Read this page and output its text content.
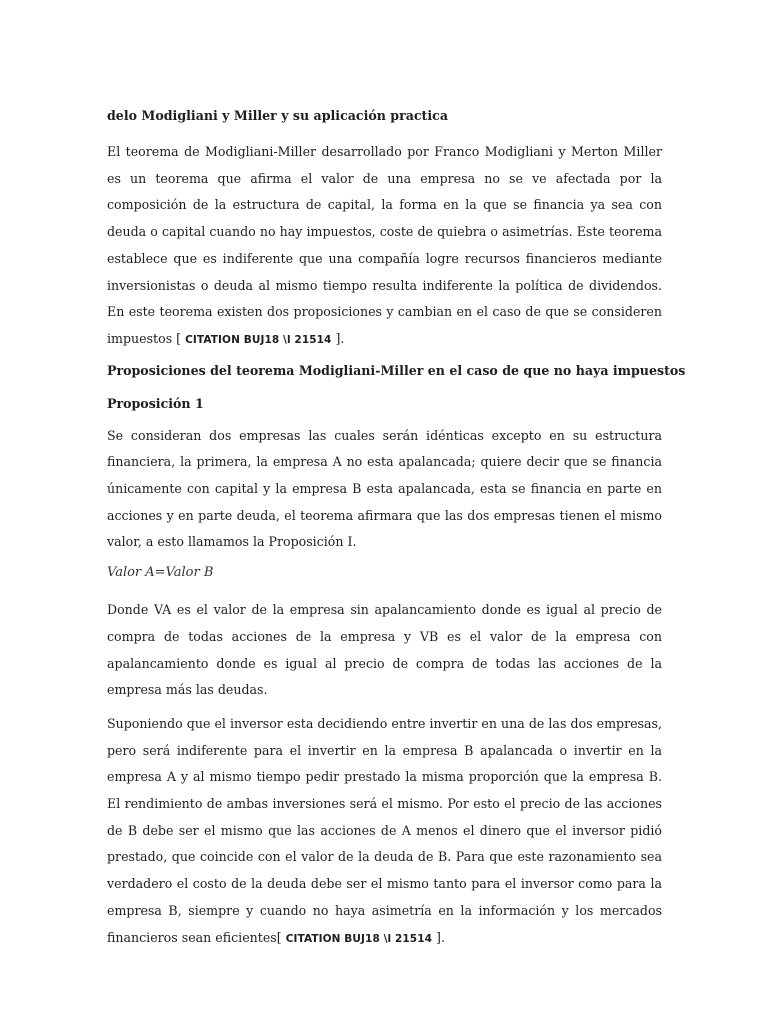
delo Modigliani y Miller y su aplicación practica

El teorema de Modigliani-Miller desarrollado por Franco Modigliani y Merton Miller es un teorema que afirma el valor de una empresa no se ve afectada por la composición de la estructura de capital, la forma en la que se financia ya sea con deuda o capital cuando no hay impuestos, coste de quiebra o asimetrías. Este teorema establece que es indiferente que una compañía logre recursos financieros mediante inversionistas o deuda al mismo tiempo resulta indiferente la política de dividendos. En este teorema existen dos proposiciones y cambian en el caso de que se consideren impuestos [ CITATION BUJ18 \l 21514 ].

Proposiciones del teorema Modigliani-Miller en el caso de que no haya impuestos
Proposición 1

Se consideran dos empresas las cuales serán idénticas excepto en su estructura financiera, la primera, la empresa A no esta apalancada; quiere decir que se financia únicamente con capital y la empresa B esta apalancada, esta se financia en parte en acciones y en parte deuda, el teorema afirmara que las dos empresas tienen el mismo valor, a esto llamamos la Proposición I.

Valor A=Valor B

Donde VA es el valor de la empresa sin apalancamiento donde es igual al precio de compra de todas acciones de la empresa y VB es el valor de la empresa con apalancamiento donde es igual al precio de compra de todas las acciones de la empresa más las deudas.

Suponiendo que el inversor esta decidiendo entre invertir en una de las dos empresas, pero será indiferente para el invertir en la empresa B apalancada o invertir en la empresa A y al mismo tiempo pedir prestado la misma proporción que la empresa B. El rendimiento de ambas inversiones será el mismo. Por esto el precio de las acciones de B debe ser el mismo que las acciones de A menos el dinero que el inversor pidió prestado, que coincide con el valor de la deuda de B. Para que este razonamiento sea verdadero el costo de la deuda debe ser el mismo tanto para el inversor como para la empresa B, siempre y cuando no haya asimetría en la información y los mercados financieros sean eficientes[ CITATION BUJ18 \l 21514 ].
